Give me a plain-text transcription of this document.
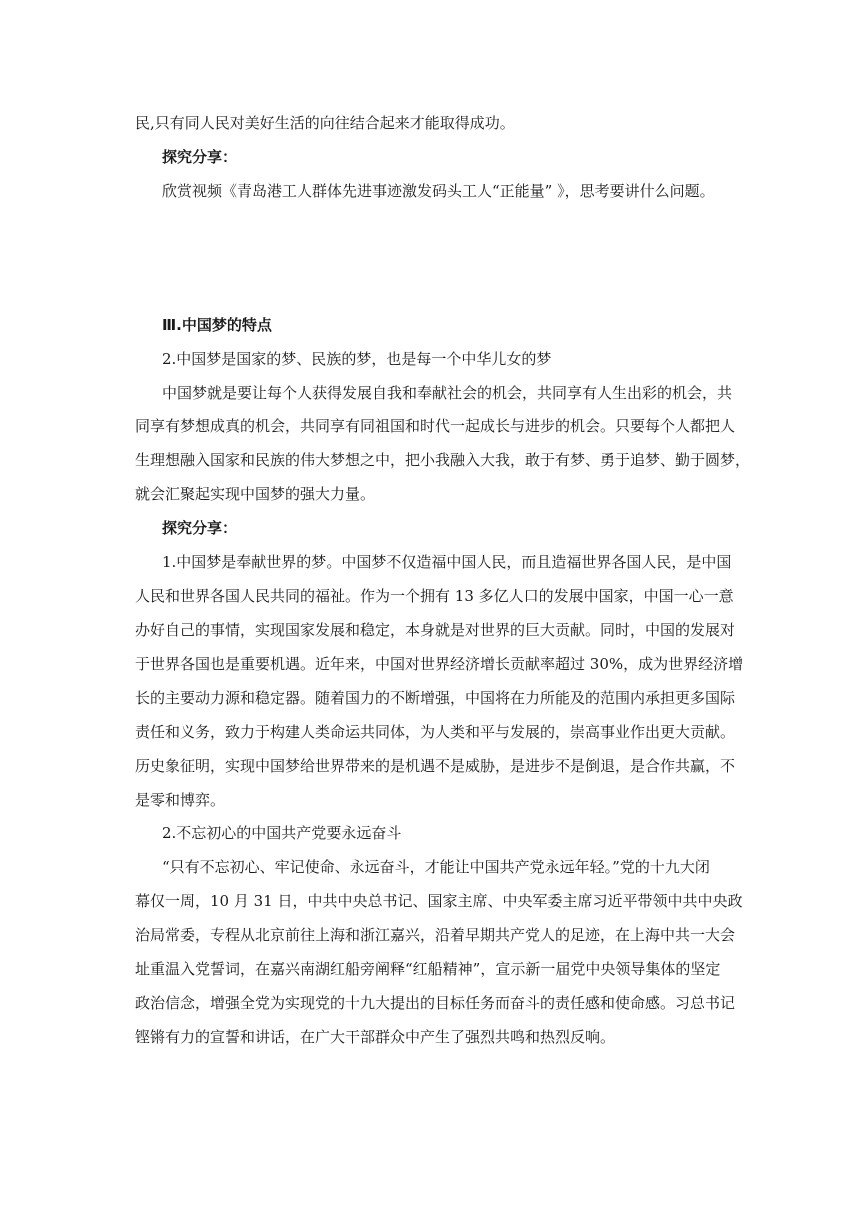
民,只有同人民对美好生活的向往结合起来才能取得成功。
探究分享：
欣赏视频《青岛港工人群体先进事迹激发码头工人“正能量” 》，思考要讲什么问题。
Ⅲ.中国梦的特点
2.中国梦是国家的梦、民族的梦，也是每一个中华儿女的梦
中国梦就是要让每个人获得发展自我和奉献社会的机会，共同享有人生出彩的机会，共
同享有梦想成真的机会，共同享有同祖国和时代一起成长与进步的机会。只要每个人都把人
生理想融入国家和民族的伟大梦想之中，把小我融入大我，敢于有梦、勇于追梦、勤于圆梦，
就会汇聚起实现中国梦的强大力量。
探究分享：
1.中国梦是奉献世界的梦。中国梦不仅造福中国人民，而且造福世界各国人民，是中国
人民和世界各国人民共同的福祉。作为一个拥有 13 多亿人口的发展中国家，中国一心一意
办好自己的事情，实现国家发展和稳定，本身就是对世界的巨大贡献。同时，中国的发展对
于世界各国也是重要机遇。近年来，中国对世界经济增长贡献率超过 30%，成为世界经济增
长的主要动力源和稳定器。随着国力的不断增强，中国将在力所能及的范围内承担更多国际
责任和义务，致力于构建人类命运共同体，为人类和平与发展的，崇高事业作出更大贡献。
历史象征明，实现中国梦给世界带来的是机遇不是威胁，是进步不是倒退，是合作共赢，不
是零和博弈。
2.不忘初心的中国共产党要永远奋斗
“只有不忘初心、牢记使命、永远奋斗，才能让中国共产党永远年轻。”党的十九大闭
幕仅一周，10 月 31 日，中共中央总书记、国家主席、中央军委主席习近平带领中共中央政
治局常委，专程从北京前往上海和浙江嘉兴，沿着早期共产党人的足迹，在上海中共一大会
址重温入党誓词，在嘉兴南湖红船旁阐释“红船精神”，宣示新一届党中央领导集体的坚定
政治信念，增强全党为实现党的十九大提出的目标任务而奋斗的责任感和使命感。习总书记
铿锵有力的宣誓和讲话，在广大干部群众中产生了强烈共鸣和热烈反响。
